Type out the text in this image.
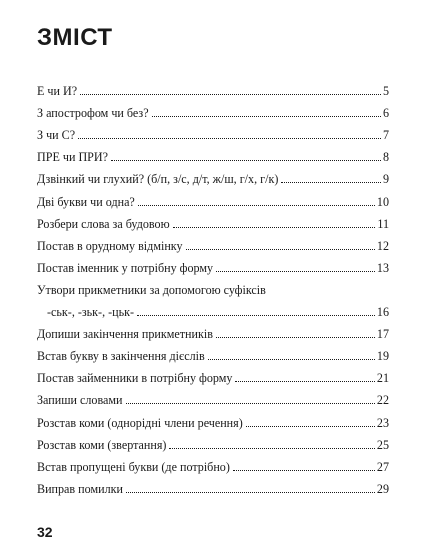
ЗМІСТ
Е чи И?	5
З апострофом чи без?	6
З чи С?	7
ПРЕ чи ПРИ?	8
Дзвінкий чи глухий? (б/п, з/с, д/т, ж/ш, г/х, г/к)	9
Дві букви чи одна?	10
Розбери слова за будовою	11
Постав в орудному відмінку	12
Постав іменник у потрібну форму	13
Утвори прикметники за допомогою суфіксів
-ськ-, -зьк-, -цьк-	16
Допиши закінчення прикметників	17
Встав букву в закінчення дієслів	19
Постав займенники в потрібну форму	21
Запиши словами	22
Розстав коми (однорідні члени речення)	23
Розстав коми (звертання)	25
Встав пропущені букви (де потрібно)	27
Виправ помилки	29
32
